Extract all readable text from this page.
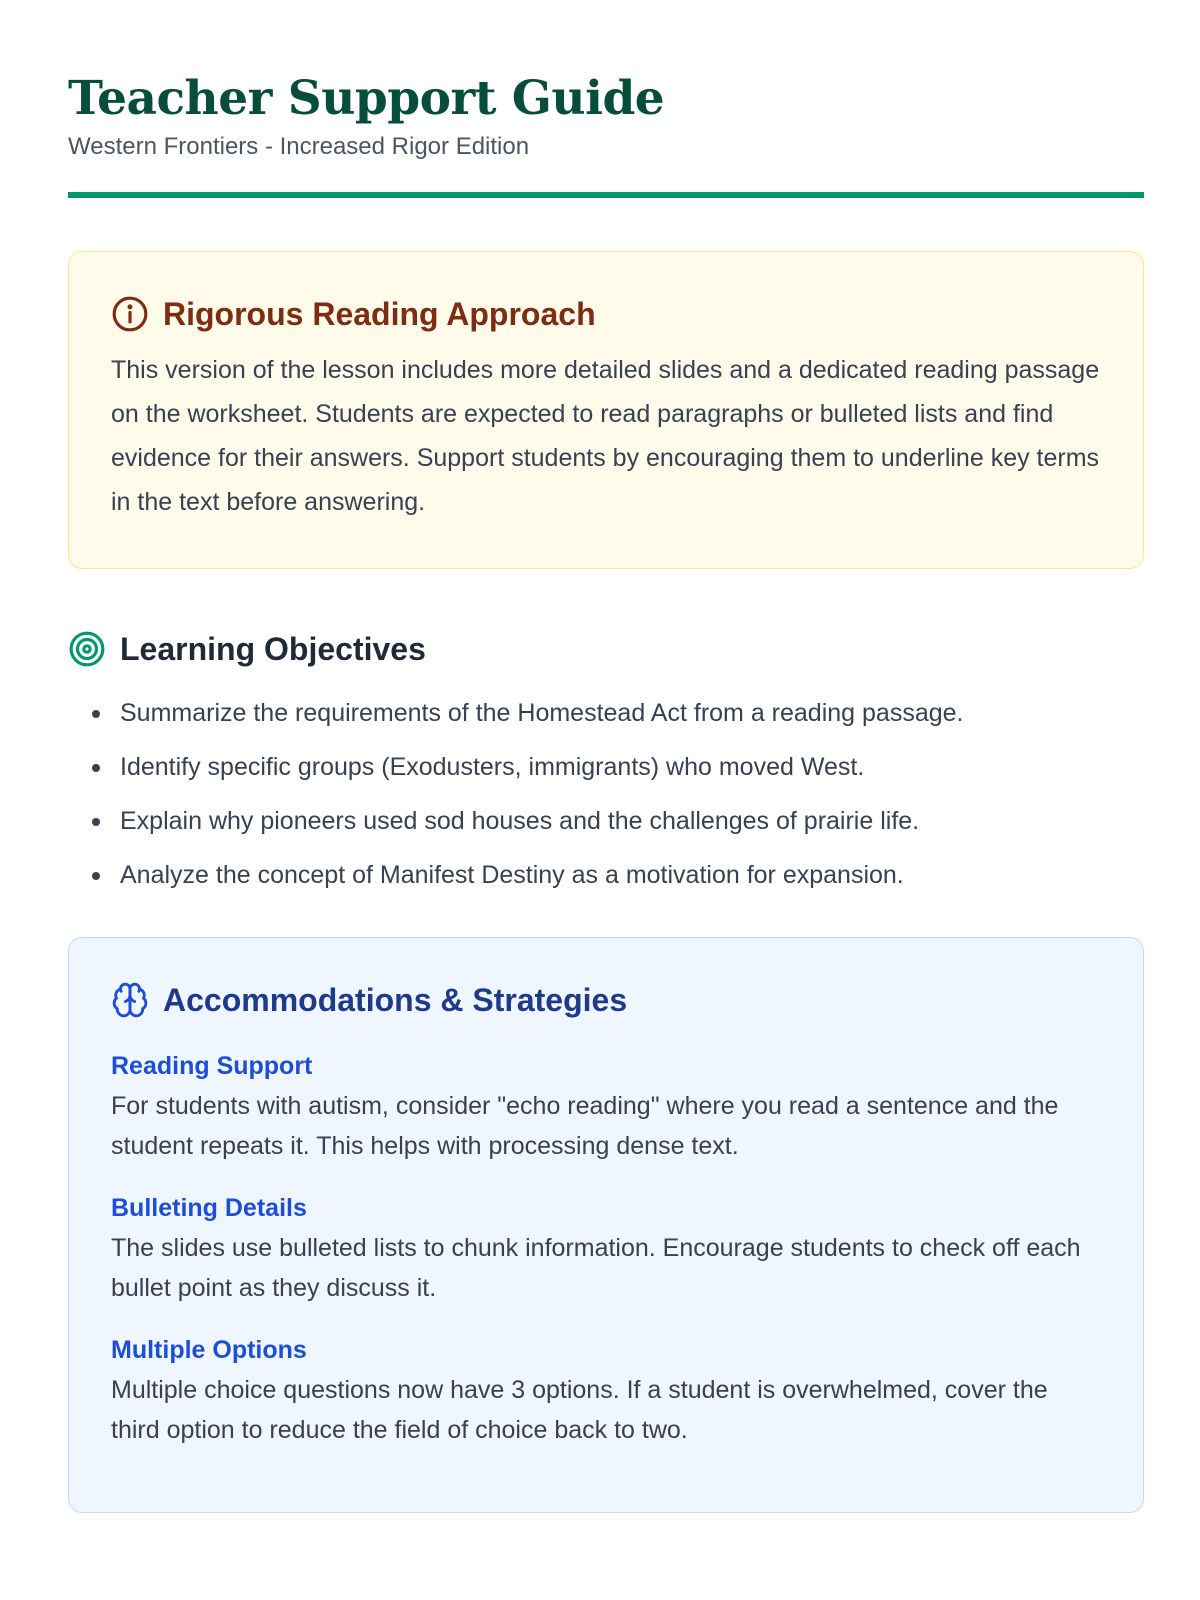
Teacher Support Guide
Western Frontiers - Increased Rigor Edition
Rigorous Reading Approach

This version of the lesson includes more detailed slides and a dedicated reading passage on the worksheet. Students are expected to read paragraphs or bulleted lists and find evidence for their answers. Support students by encouraging them to underline key terms in the text before answering.

Learning Objectives
Summarize the requirements of the Homestead Act from a reading passage.
Identify specific groups (Exodusters, immigrants) who moved West.
Explain why pioneers used sod houses and the challenges of prairie life.
Analyze the concept of Manifest Destiny as a motivation for expansion.
Accommodations & Strategies
Reading Support

For students with autism, consider "echo reading" where you read a sentence and the student repeats it. This helps with processing dense text.

Bulleting Details

The slides use bulleted lists to chunk information. Encourage students to check off each bullet point as they discuss it.

Multiple Options

Multiple choice questions now have 3 options. If a student is overwhelmed, cover the third option to reduce the field of choice back to two.
